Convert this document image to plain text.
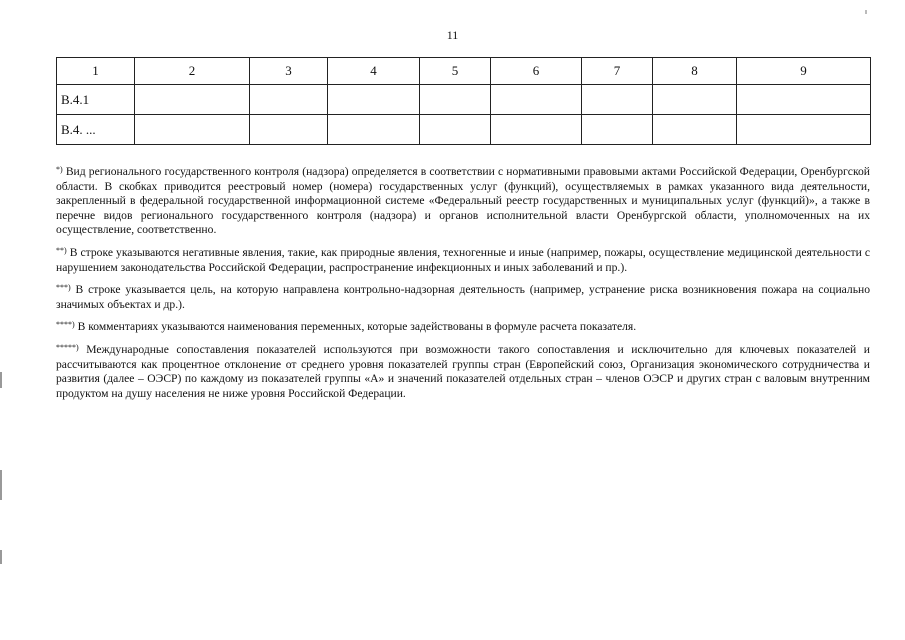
11
1	2	3	4	5	6	7	8	9
В.4.1								
В.4. ...								

*) Вид регионального государственного контроля (надзора) определяется в соответствии с нормативными правовыми актами Российской Федерации, Оренбургской области. В скобках приводится реестровый номер (номера) государственных услуг (функций), осуществляемых в рамках указанного вида деятельности, закрепленный в федеральной государственной информационной системе «Федеральный реестр государственных и муниципальных услуг (функций)», а также в перечне видов регионального государственного контроля (надзора) и органов исполнительной власти Оренбургской области, уполномоченных на их осуществление, соответственно.

**) В строке указываются негативные явления, такие, как природные явления, техногенные и иные (например, пожары, осуществление медицинской деятельности с нарушением законодательства Российской Федерации, распространение инфекционных и иных заболеваний и пр.).

***) В строке указывается цель, на которую направлена контрольно-надзорная деятельность (например, устранение риска возникновения пожара на социально значимых объектах и др.).

****) В комментариях указываются наименования переменных, которые задействованы в формуле расчета показателя.

*****) Международные сопоставления показателей используются при возможности такого сопоставления и исключительно для ключевых показателей и рассчитываются как процентное отклонение от среднего уровня показателей группы стран (Европейский союз, Организация экономического сотрудничества и развития (далее – ОЭСР) по каждому из показателей группы «А» и значений показателей отдельных стран – членов ОЭСР и других стран с валовым внутренним продуктом на душу населения не ниже уровня Российской Федерации.
